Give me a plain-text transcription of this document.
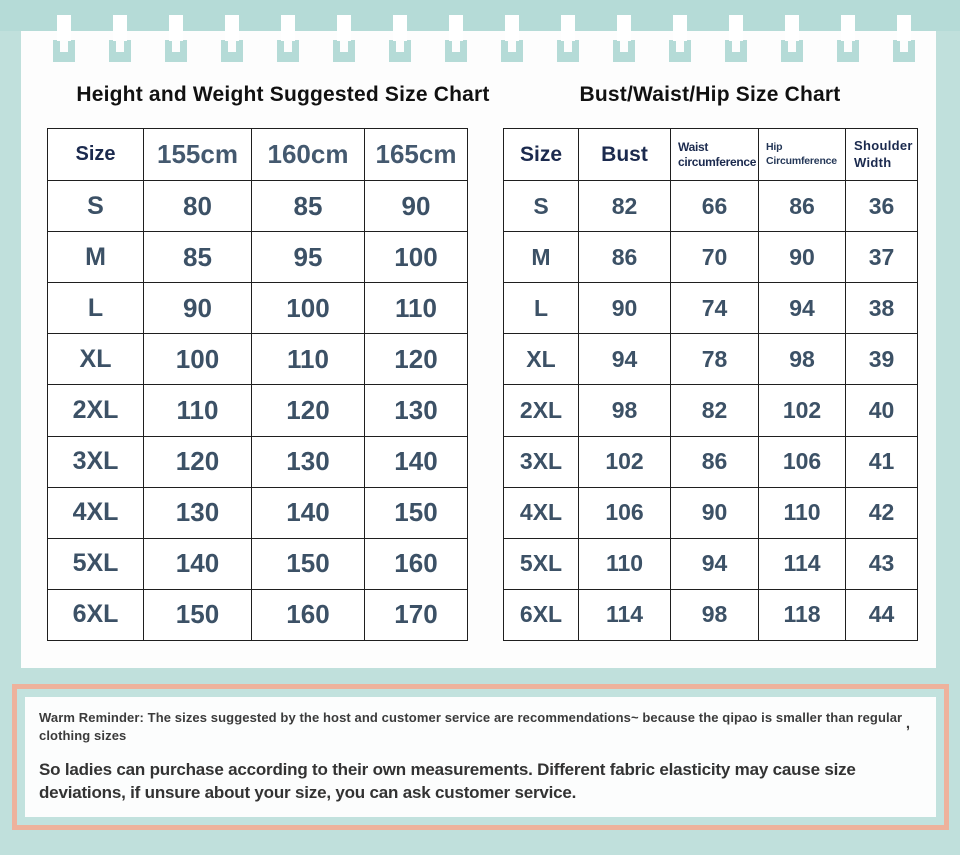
Height and Weight Suggested Size Chart	Bust/Waist/Hip Size Chart
Size	155cm	160cm	165cm
S	80	85	90
M	85	95	100
L	90	100	110
XL	100	110	120
2XL	110	120	130
3XL	120	130	140
4XL	130	140	150
5XL	140	150	160
6XL	150	160	170
Size	Bust	Waist circumference	Hip Circumference	Shoulder Width
S	82	66	86	36
M	86	70	90	37
L	90	74	94	38
XL	94	78	98	39
2XL	98	82	102	40
3XL	102	86	106	41
4XL	106	90	110	42
5XL	110	94	114	43
6XL	114	98	118	44

Warm Reminder: The sizes suggested by the host and customer service are recommendations~ because the qipao is smaller than regular clothing sizes

,

So ladies can purchase according to their own measurements. Different fabric elasticity may cause size deviations, if unsure about your size, you can ask customer service.
